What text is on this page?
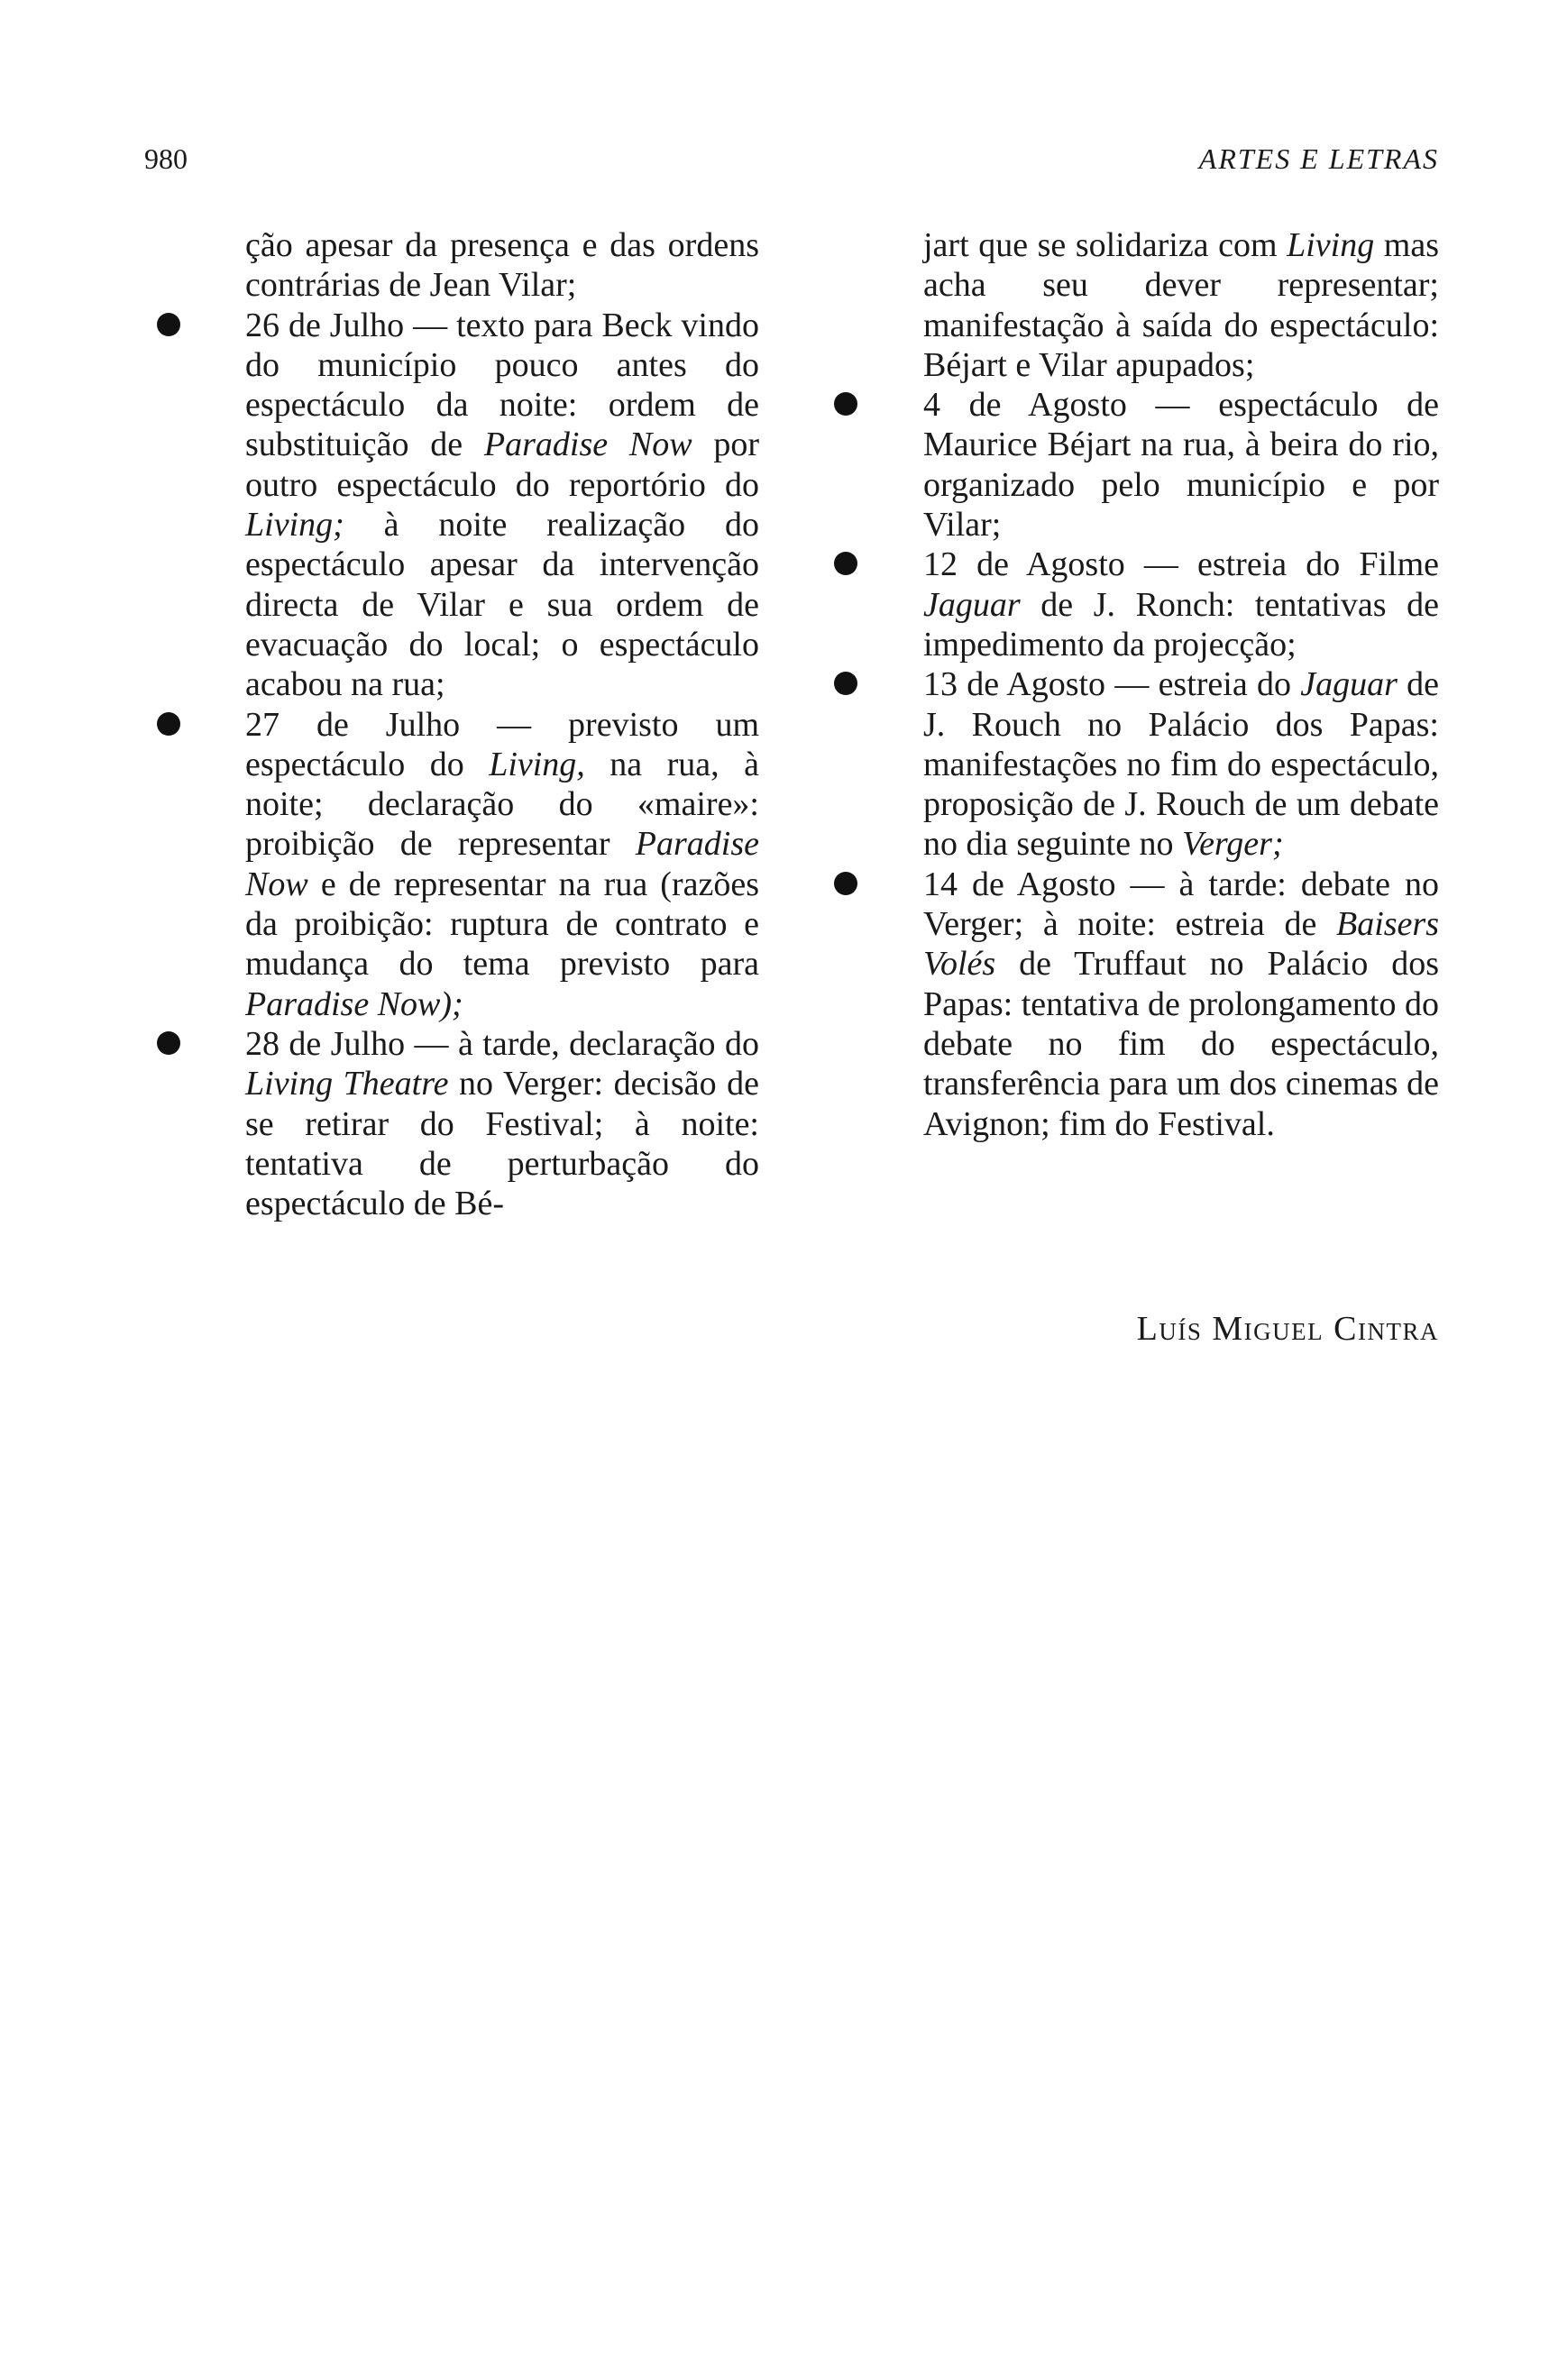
980	ARTES E LETRAS

ção apesar da presença e das ordens contrárias de Jean Vilar;

26 de Julho — texto para Beck vindo do município pouco antes do espectáculo da noite: ordem de substituição de Paradise Now por outro espectáculo do reportório do Living; à noite realização do espectáculo apesar da intervenção directa de Vilar e sua ordem de evacuação do local; o espectáculo acabou na rua;

27 de Julho — previsto um espectáculo do Living, na rua, à noite; declaração do «maire»: proibição de representar Paradise Now e de representar na rua (razões da proibição: ruptura de contrato e mudança do tema previsto para Paradise Now);

28 de Julho — à tarde, declaração do Living Theatre no Verger: decisão de se retirar do Festival; à noite: tentativa de perturbação do espectáculo de Bé-

jart que se solidariza com Living mas acha seu dever representar; manifestação à saída do espectáculo: Béjart e Vilar apupados;

4 de Agosto — espectáculo de Maurice Béjart na rua, à beira do rio, organizado pelo município e por Vilar;

12 de Agosto — estreia do Filme Jaguar de J. Ronch: tentativas de impedimento da projecção;

13 de Agosto — estreia do Jaguar de J. Rouch no Palácio dos Papas: manifestações no fim do espectáculo, proposição de J. Rouch de um debate no dia seguinte no Verger;

14 de Agosto — à tarde: debate no Verger; à noite: estreia de Baisers Volés de Truffaut no Palácio dos Papas: tentativa de prolongamento do debate no fim do espectáculo, transferência para um dos cinemas de Avignon; fim do Festival.

Luís Miguel Cintra
